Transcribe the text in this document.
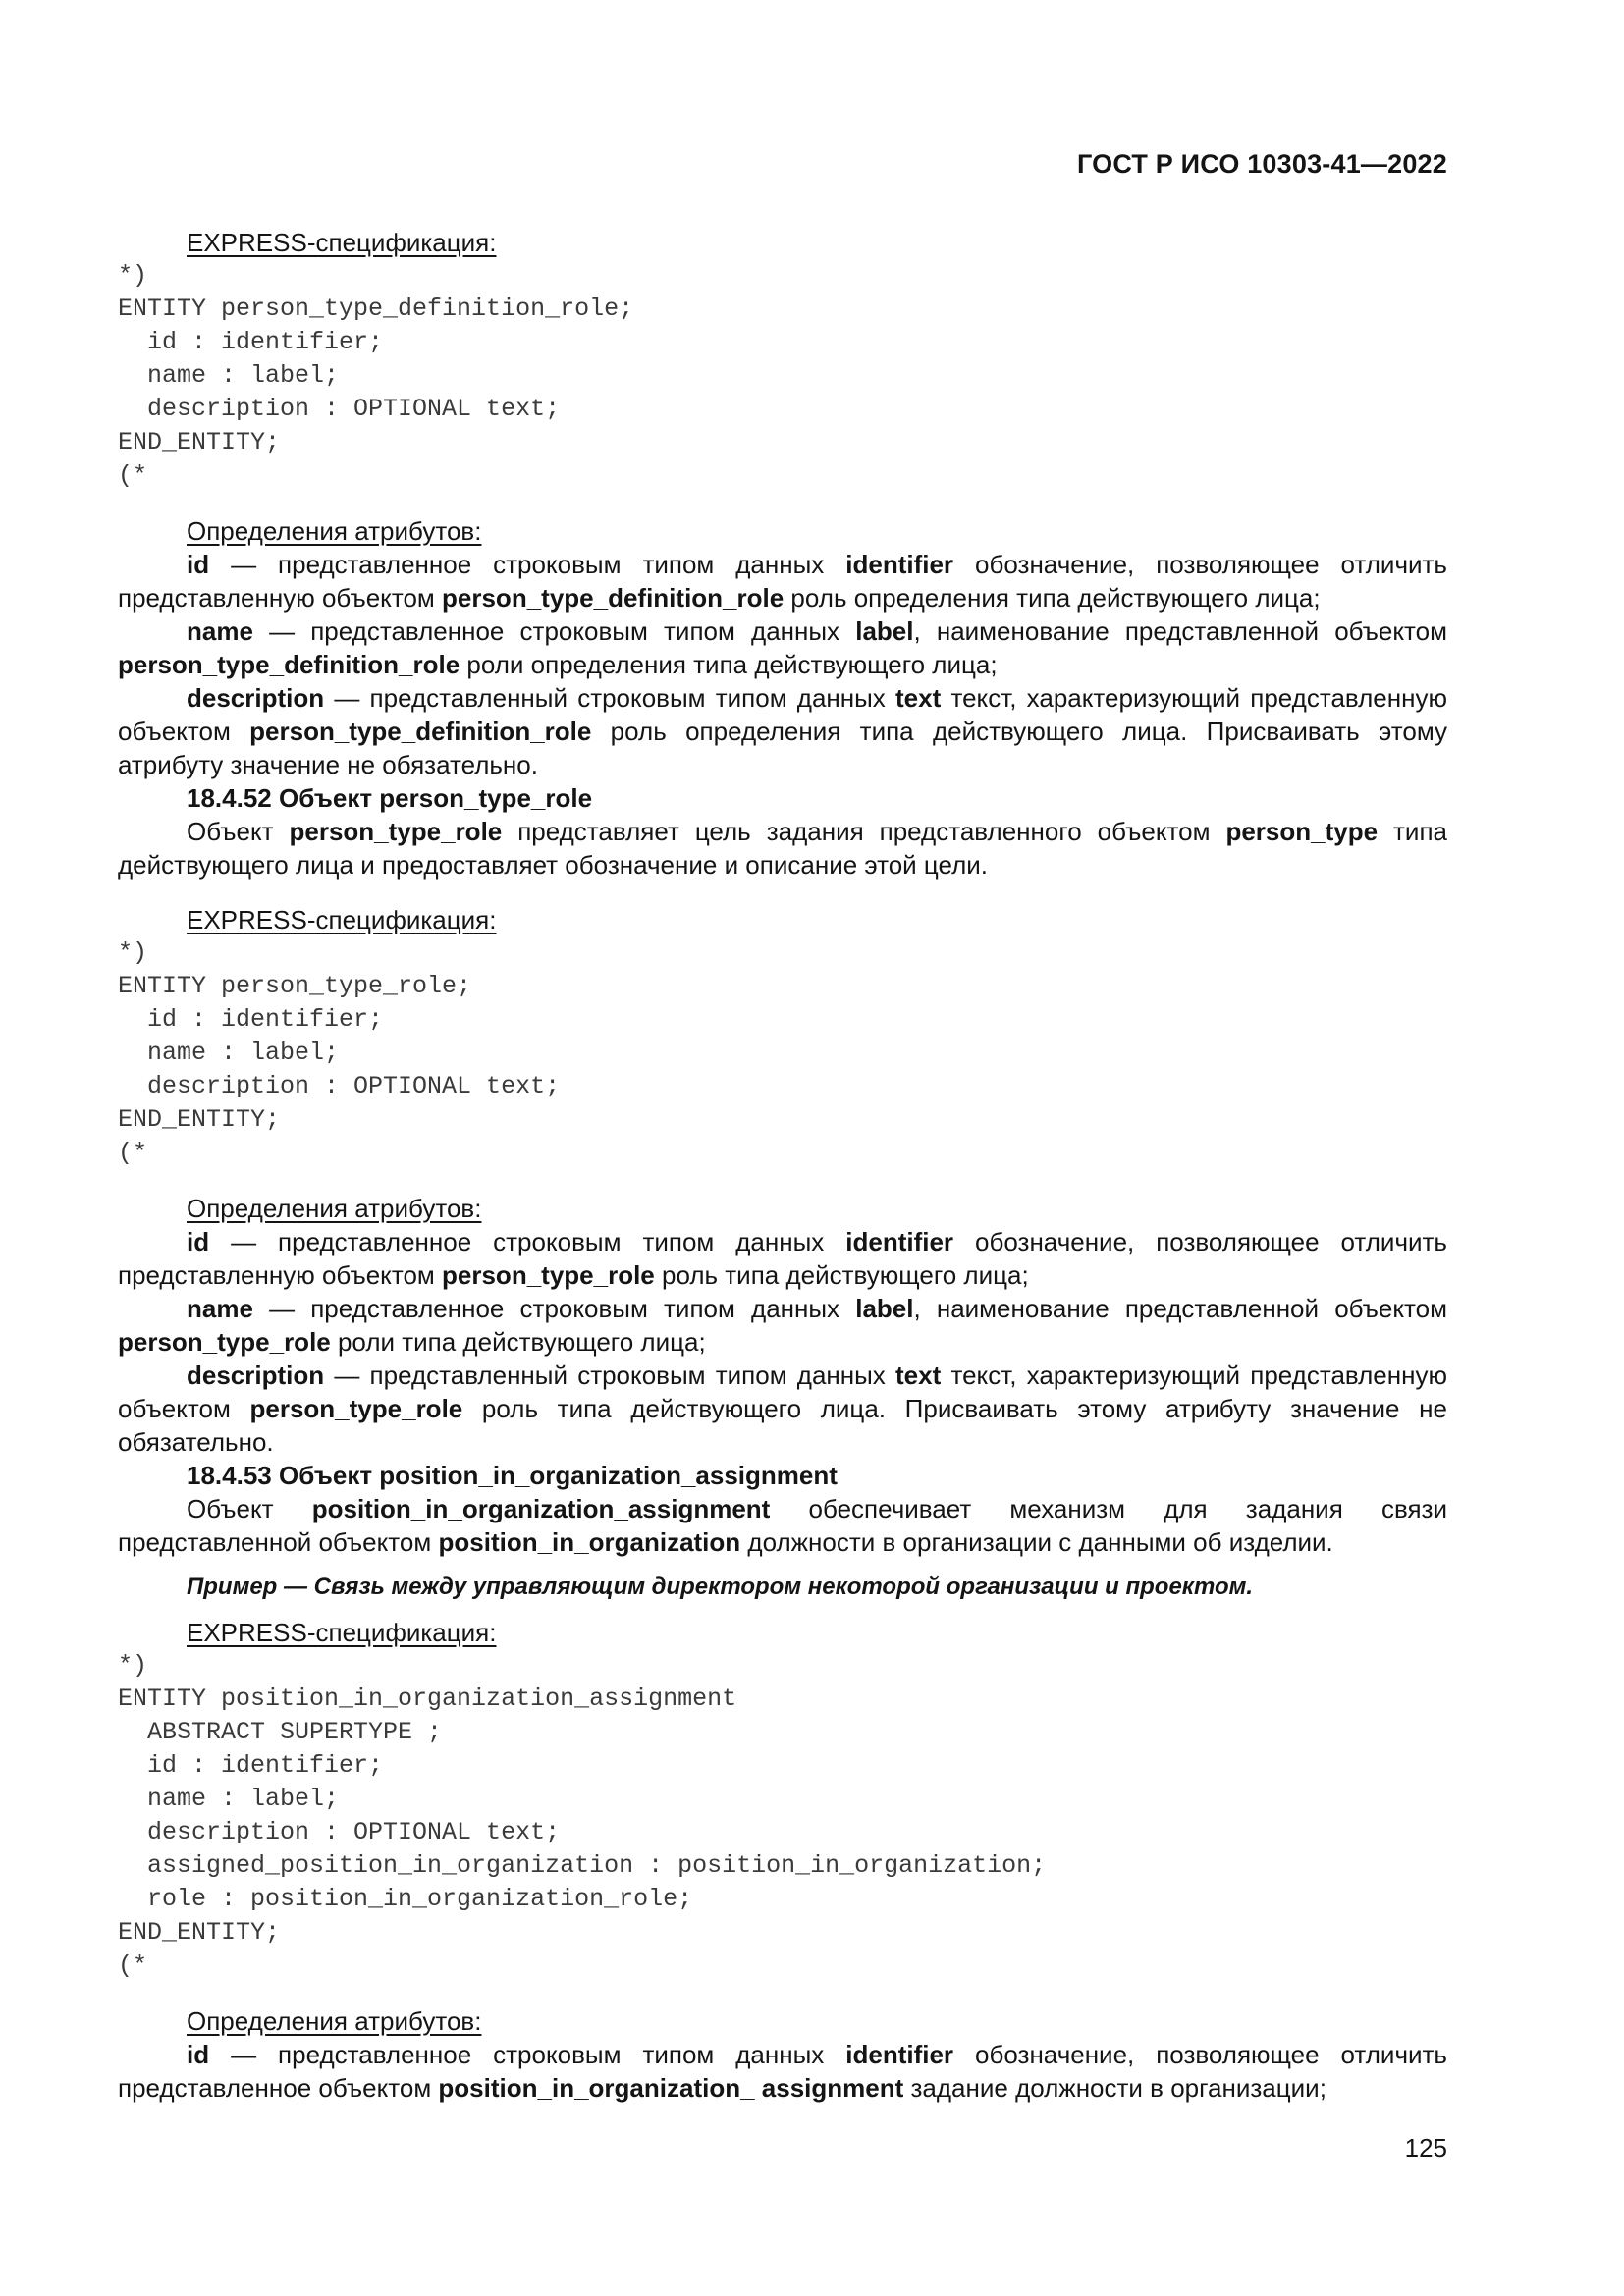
ГОСТ Р ИСО 10303-41—2022
EXPRESS-спецификация:
*)
ENTITY person_type_definition_role;
id : identifier;
name : label;
description : OPTIONAL text;
END_ENTITY;
(*
Определения атрибутов:

id — представленное строковым типом данных identifier обозначение, позволяющее отличить представленную объектом person_type_definition_role роль определения типа действующего лица;

name — представленное строковым типом данных label, наименование представленной объектом person_type_definition_role роли определения типа действующего лица;

description — представленный строковым типом данных text текст, характеризующий представленную объектом person_type_definition_role роль определения типа действующего лица. Присваивать этому атрибуту значение не обязательно.

18.4.52 Объект person_type_role

Объект person_type_role представляет цель задания представленного объектом person_type типа действующего лица и предоставляет обозначение и описание этой цели.

EXPRESS-спецификация:
*)
ENTITY person_type_role;
id : identifier;
name : label;
description : OPTIONAL text;
END_ENTITY;
(*
Определения атрибутов:

id — представленное строковым типом данных identifier обозначение, позволяющее отличить представленную объектом person_type_role роль типа действующего лица;

name — представленное строковым типом данных label, наименование представленной объектом person_type_role роли типа действующего лица;

description — представленный строковым типом данных text текст, характеризующий представленную объектом person_type_role роль типа действующего лица. Присваивать этому атрибуту значение не обязательно.

18.4.53 Объект position_in_organization_assignment

Объект position_in_organization_assignment обеспечивает механизм для задания связи представленной объектом position_in_organization должности в организации с данными об изделии.

Пример — Связь между управляющим директором некоторой организации и проектом.

EXPRESS-спецификация:
*)
ENTITY position_in_organization_assignment
ABSTRACT SUPERTYPE ;
id : identifier;
name : label;
description : OPTIONAL text;
assigned_position_in_organization : position_in_organization;
role : position_in_organization_role;
END_ENTITY;
(*
Определения атрибутов:

id — представленное строковым типом данных identifier обозначение, позволяющее отличить представленное объектом position_in_organization_ assignment задание должности в организации;

125
